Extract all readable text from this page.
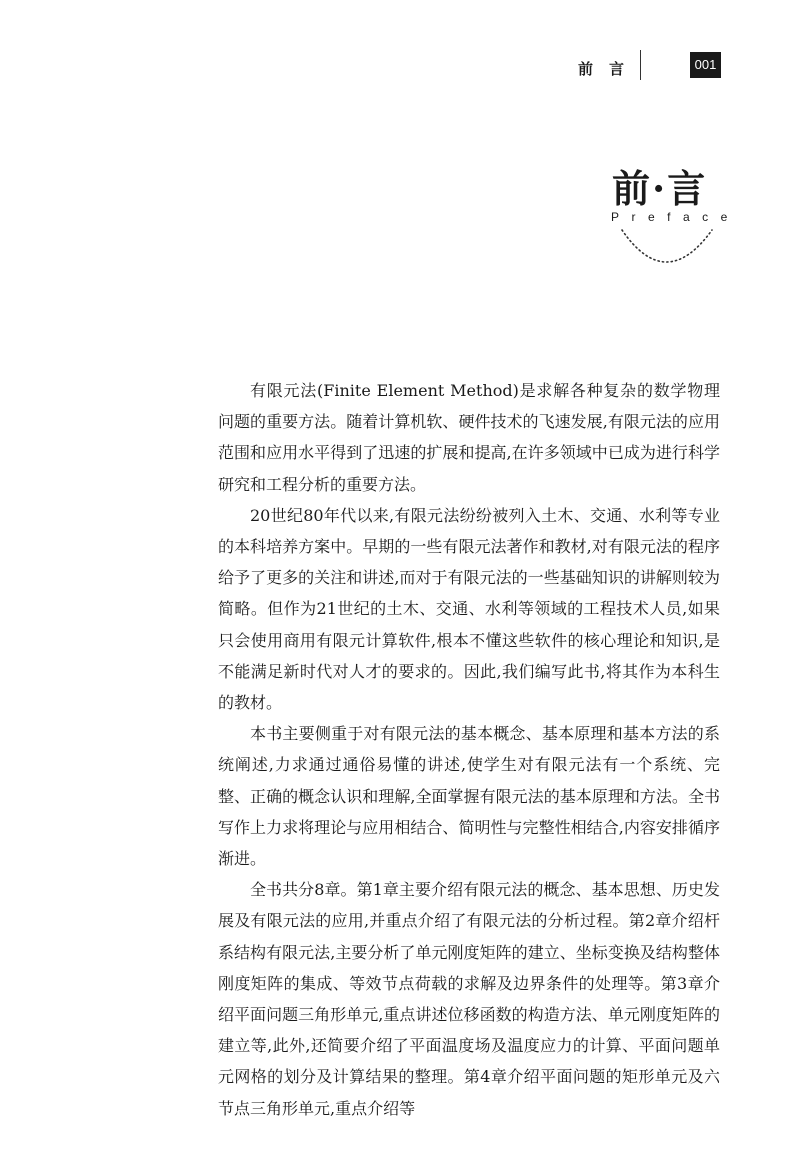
前言	001
前·言
Preface

有限元法(Finite Element Method)是求解各种复杂的数学物理问题的重要方法。随着计算机软、硬件技术的飞速发展,有限元法的应用范围和应用水平得到了迅速的扩展和提高,在许多领域中已成为进行科学研究和工程分析的重要方法。

20世纪80年代以来,有限元法纷纷被列入土木、交通、水利等专业的本科培养方案中。早期的一些有限元法著作和教材,对有限元法的程序给予了更多的关注和讲述,而对于有限元法的一些基础知识的讲解则较为简略。但作为21世纪的土木、交通、水利等领域的工程技术人员,如果只会使用商用有限元计算软件,根本不懂这些软件的核心理论和知识,是不能满足新时代对人才的要求的。因此,我们编写此书,将其作为本科生的教材。

本书主要侧重于对有限元法的基本概念、基本原理和基本方法的系统阐述,力求通过通俗易懂的讲述,使学生对有限元法有一个系统、完整、正确的概念认识和理解,全面掌握有限元法的基本原理和方法。全书写作上力求将理论与应用相结合、简明性与完整性相结合,内容安排循序渐进。

全书共分8章。第1章主要介绍有限元法的概念、基本思想、历史发展及有限元法的应用,并重点介绍了有限元法的分析过程。第2章介绍杆系结构有限元法,主要分析了单元刚度矩阵的建立、坐标变换及结构整体刚度矩阵的集成、等效节点荷载的求解及边界条件的处理等。第3章介绍平面问题三角形单元,重点讲述位移函数的构造方法、单元刚度矩阵的建立等,此外,还简要介绍了平面温度场及温度应力的计算、平面问题单元网格的划分及计算结果的整理。第4章介绍平面问题的矩形单元及六节点三角形单元,重点介绍等
